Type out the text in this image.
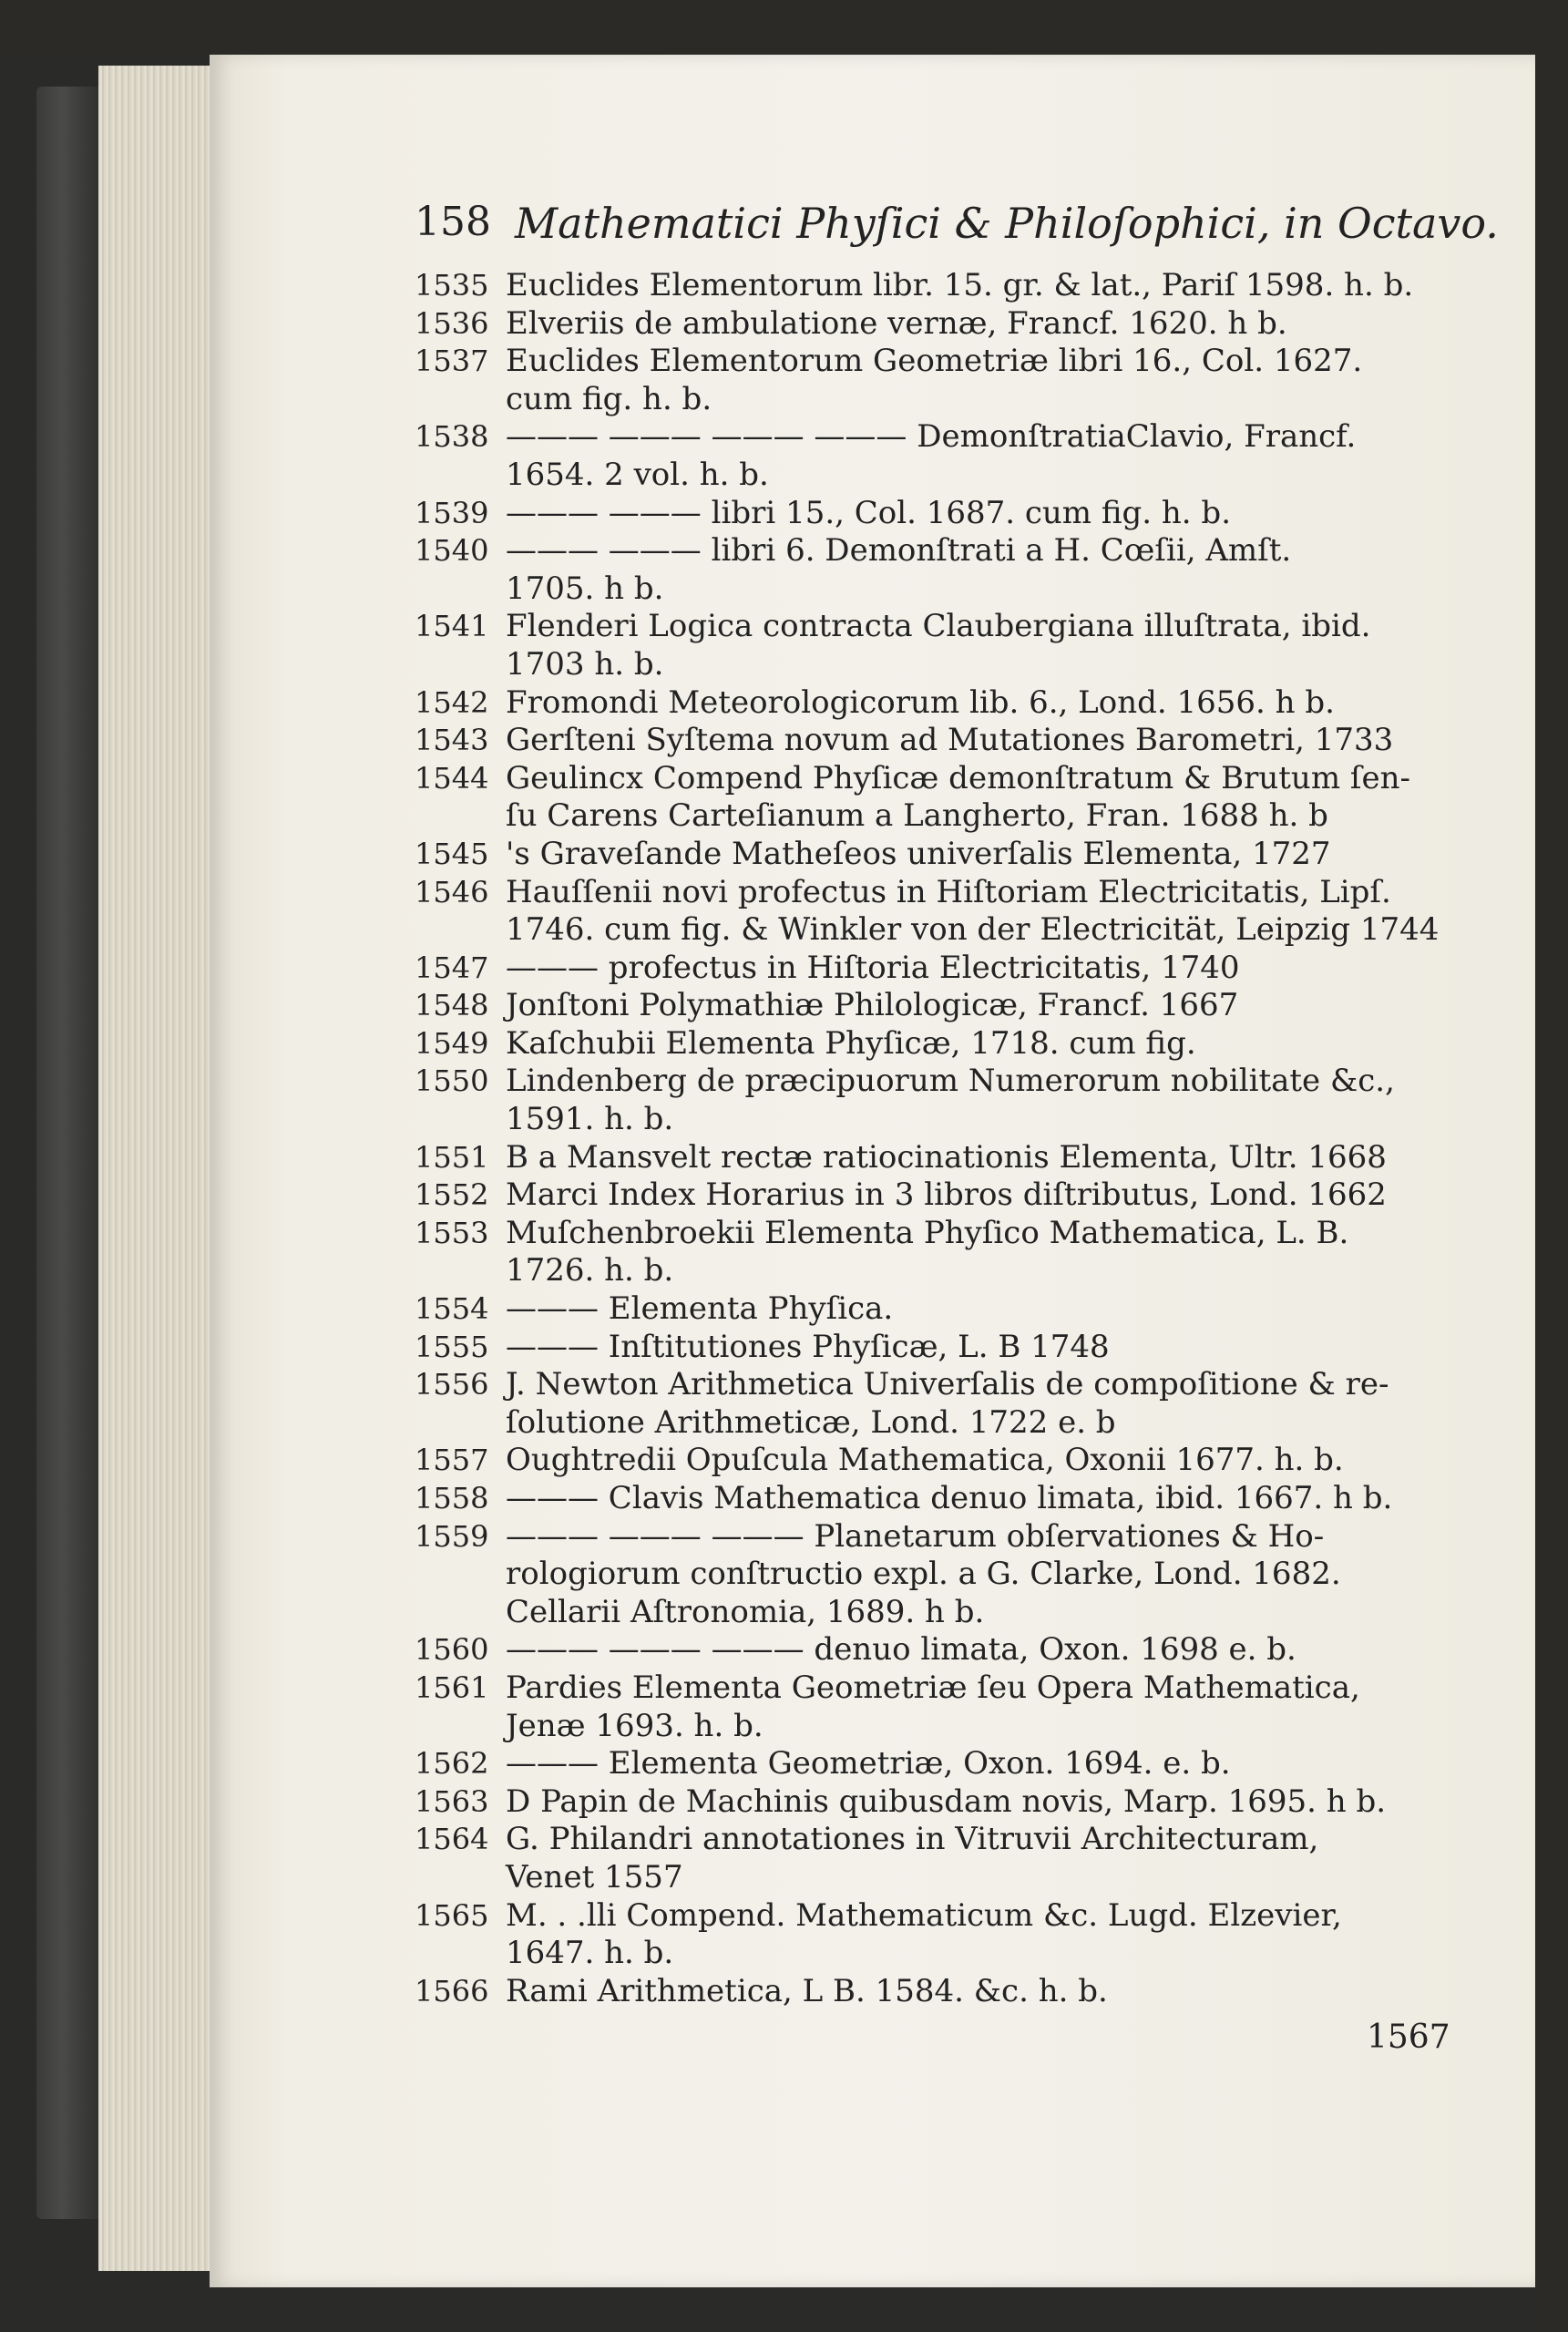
158 Mathematici Phyſici & Philoſophici, in Octavo.
1535 Euclides Elementorum libr. 15. gr. & lat., Pariſ 1598. h. b.
1536 Elveriis de ambulatione vernæ, Francf. 1620. h b.
1537 Euclides Elementorum Geometriæ libri 16., Col. 1627.
cum fig. h. b.
1538 ——— ——— ——— ——— DemonſtratiaClavio, Francf.
1654. 2 vol. h. b.
1539 ——— ——— libri 15., Col. 1687. cum fig. h. b.
1540 ——— ——— libri 6. Demonſtrati a H. Cœſii, Amſt.
1705. h b.
1541 Flenderi Logica contracta Claubergiana illuſtrata, ibid.
1703 h. b.
1542 Fromondi Meteorologicorum lib. 6., Lond. 1656. h b.
1543 Gerſteni Syſtema novum ad Mutationes Barometri, 1733
1544 Geulincx Compend Phyſicæ demonſtratum & Brutum ſen-
ſu Carens Carteſianum a Langherto, Fran. 1688 h. b
1545 's Graveſande Matheſeos univerſalis Elementa, 1727
1546 Hauſſenii novi profectus in Hiſtoriam Electricitatis, Lipſ.
1746. cum fig. & Winkler von der Electricität, Leipzig 1744
1547 ——— profectus in Hiſtoria Electricitatis, 1740
1548 Jonſtoni Polymathiæ Philologicæ, Francf. 1667
1549 Kaſchubii Elementa Phyſicæ, 1718. cum fig.
1550 Lindenberg de præcipuorum Numerorum nobilitate &c.,
1591. h. b.
1551 B a Mansvelt rectæ ratiocinationis Elementa, Ultr. 1668
1552 Marci Index Horarius in 3 libros diſtributus, Lond. 1662
1553 Muſchenbroekii Elementa Phyſico Mathematica, L. B.
1726. h. b.
1554 ——— Elementa Phyſica.
1555 ——— Inſtitutiones Phyſicæ, L. B 1748
1556 J. Newton Arithmetica Univerſalis de compoſitione & re-
ſolutione Arithmeticæ, Lond. 1722 e. b
1557 Oughtredii Opuſcula Mathematica, Oxonii 1677. h. b.
1558 ——— Clavis Mathematica denuo limata, ibid. 1667. h b.
1559 ——— ——— ——— Planetarum obſervationes & Ho-
rologiorum conſtructio expl. a G. Clarke, Lond. 1682.
Cellarii Aſtronomia, 1689. h b.
1560 ——— ——— ——— denuo limata, Oxon. 1698 e. b.
1561 Pardies Elementa Geometriæ ſeu Opera Mathematica,
Jenæ 1693. h. b.
1562 ——— Elementa Geometriæ, Oxon. 1694. e. b.
1563 D Papin de Machinis quibusdam novis, Marp. 1695. h b.
1564 G. Philandri annotationes in Vitruvii Architecturam,
Venet 1557
1565 M. . .lli Compend. Mathematicum &c. Lugd. Elzevier,
1647. h. b.
1566 Rami Arithmetica, L B. 1584. &c. h. b.
1567
